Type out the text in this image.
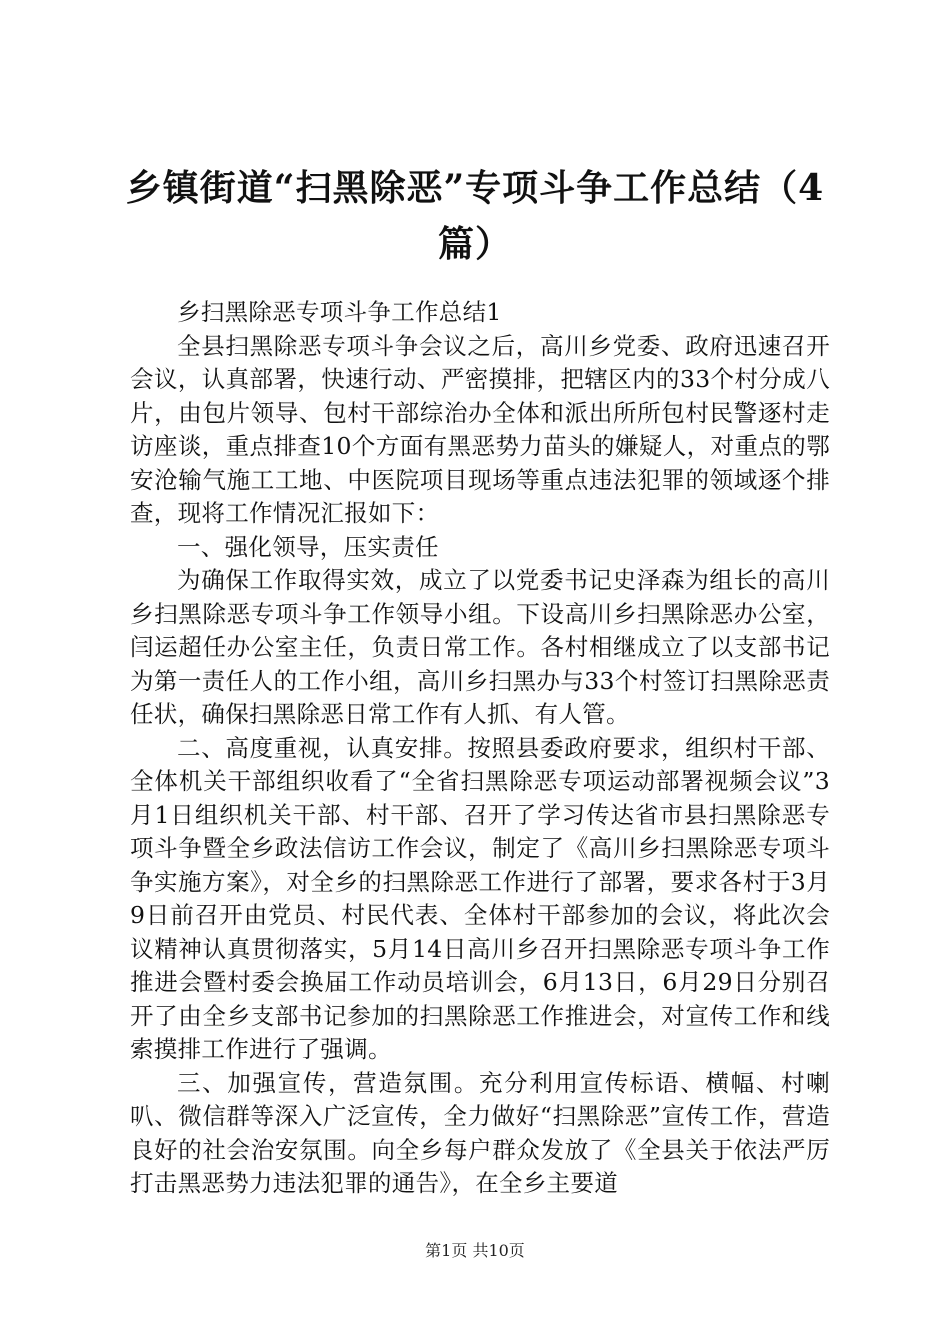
乡镇街道“扫黑除恶”专项斗争工作总结（4篇）

乡扫黑除恶专项斗争工作总结1

全县扫黑除恶专项斗争会议之后，高川乡党委、政府迅速召开会议，认真部署，快速行动、严密摸排，把辖区内的33个村分成八片，由包片领导、包村干部综治办全体和派出所所包村民警逐村走访座谈，重点排查10个方面有黑恶势力苗头的嫌疑人，对重点的鄂安沧输气施工工地、中医院项目现场等重点违法犯罪的领域逐个排查，现将工作情况汇报如下：

一、强化领导，压实责任

为确保工作取得实效，成立了以党委书记史泽森为组长的高川乡扫黑除恶专项斗争工作领导小组。下设高川乡扫黑除恶办公室，闫运超任办公室主任，负责日常工作。各村相继成立了以支部书记为第一责任人的工作小组，高川乡扫黑办与33个村签订扫黑除恶责任状，确保扫黑除恶日常工作有人抓、有人管。

二、高度重视，认真安排。按照县委政府要求，组织村干部、全体机关干部组织收看了“全省扫黑除恶专项运动部署视频会议”3月1日组织机关干部、村干部、召开了学习传达省市县扫黑除恶专项斗争暨全乡政法信访工作会议，制定了《高川乡扫黑除恶专项斗争实施方案》，对全乡的扫黑除恶工作进行了部署，要求各村于3月9日前召开由党员、村民代表、全体村干部参加的会议，将此次会议精神认真贯彻落实，5月14日高川乡召开扫黑除恶专项斗争工作推进会暨村委会换届工作动员培训会，6月13日，6月29日分别召开了由全乡支部书记参加的扫黑除恶工作推进会，对宣传工作和线索摸排工作进行了强调。

三、加强宣传，营造氛围。充分利用宣传标语、横幅、村喇叭、微信群等深入广泛宣传，全力做好“扫黑除恶”宣传工作，营造良好的社会治安氛围。向全乡每户群众发放了《全县关于依法严厉打击黑恶势力违法犯罪的通告》，在全乡主要道

第1页 共10页
